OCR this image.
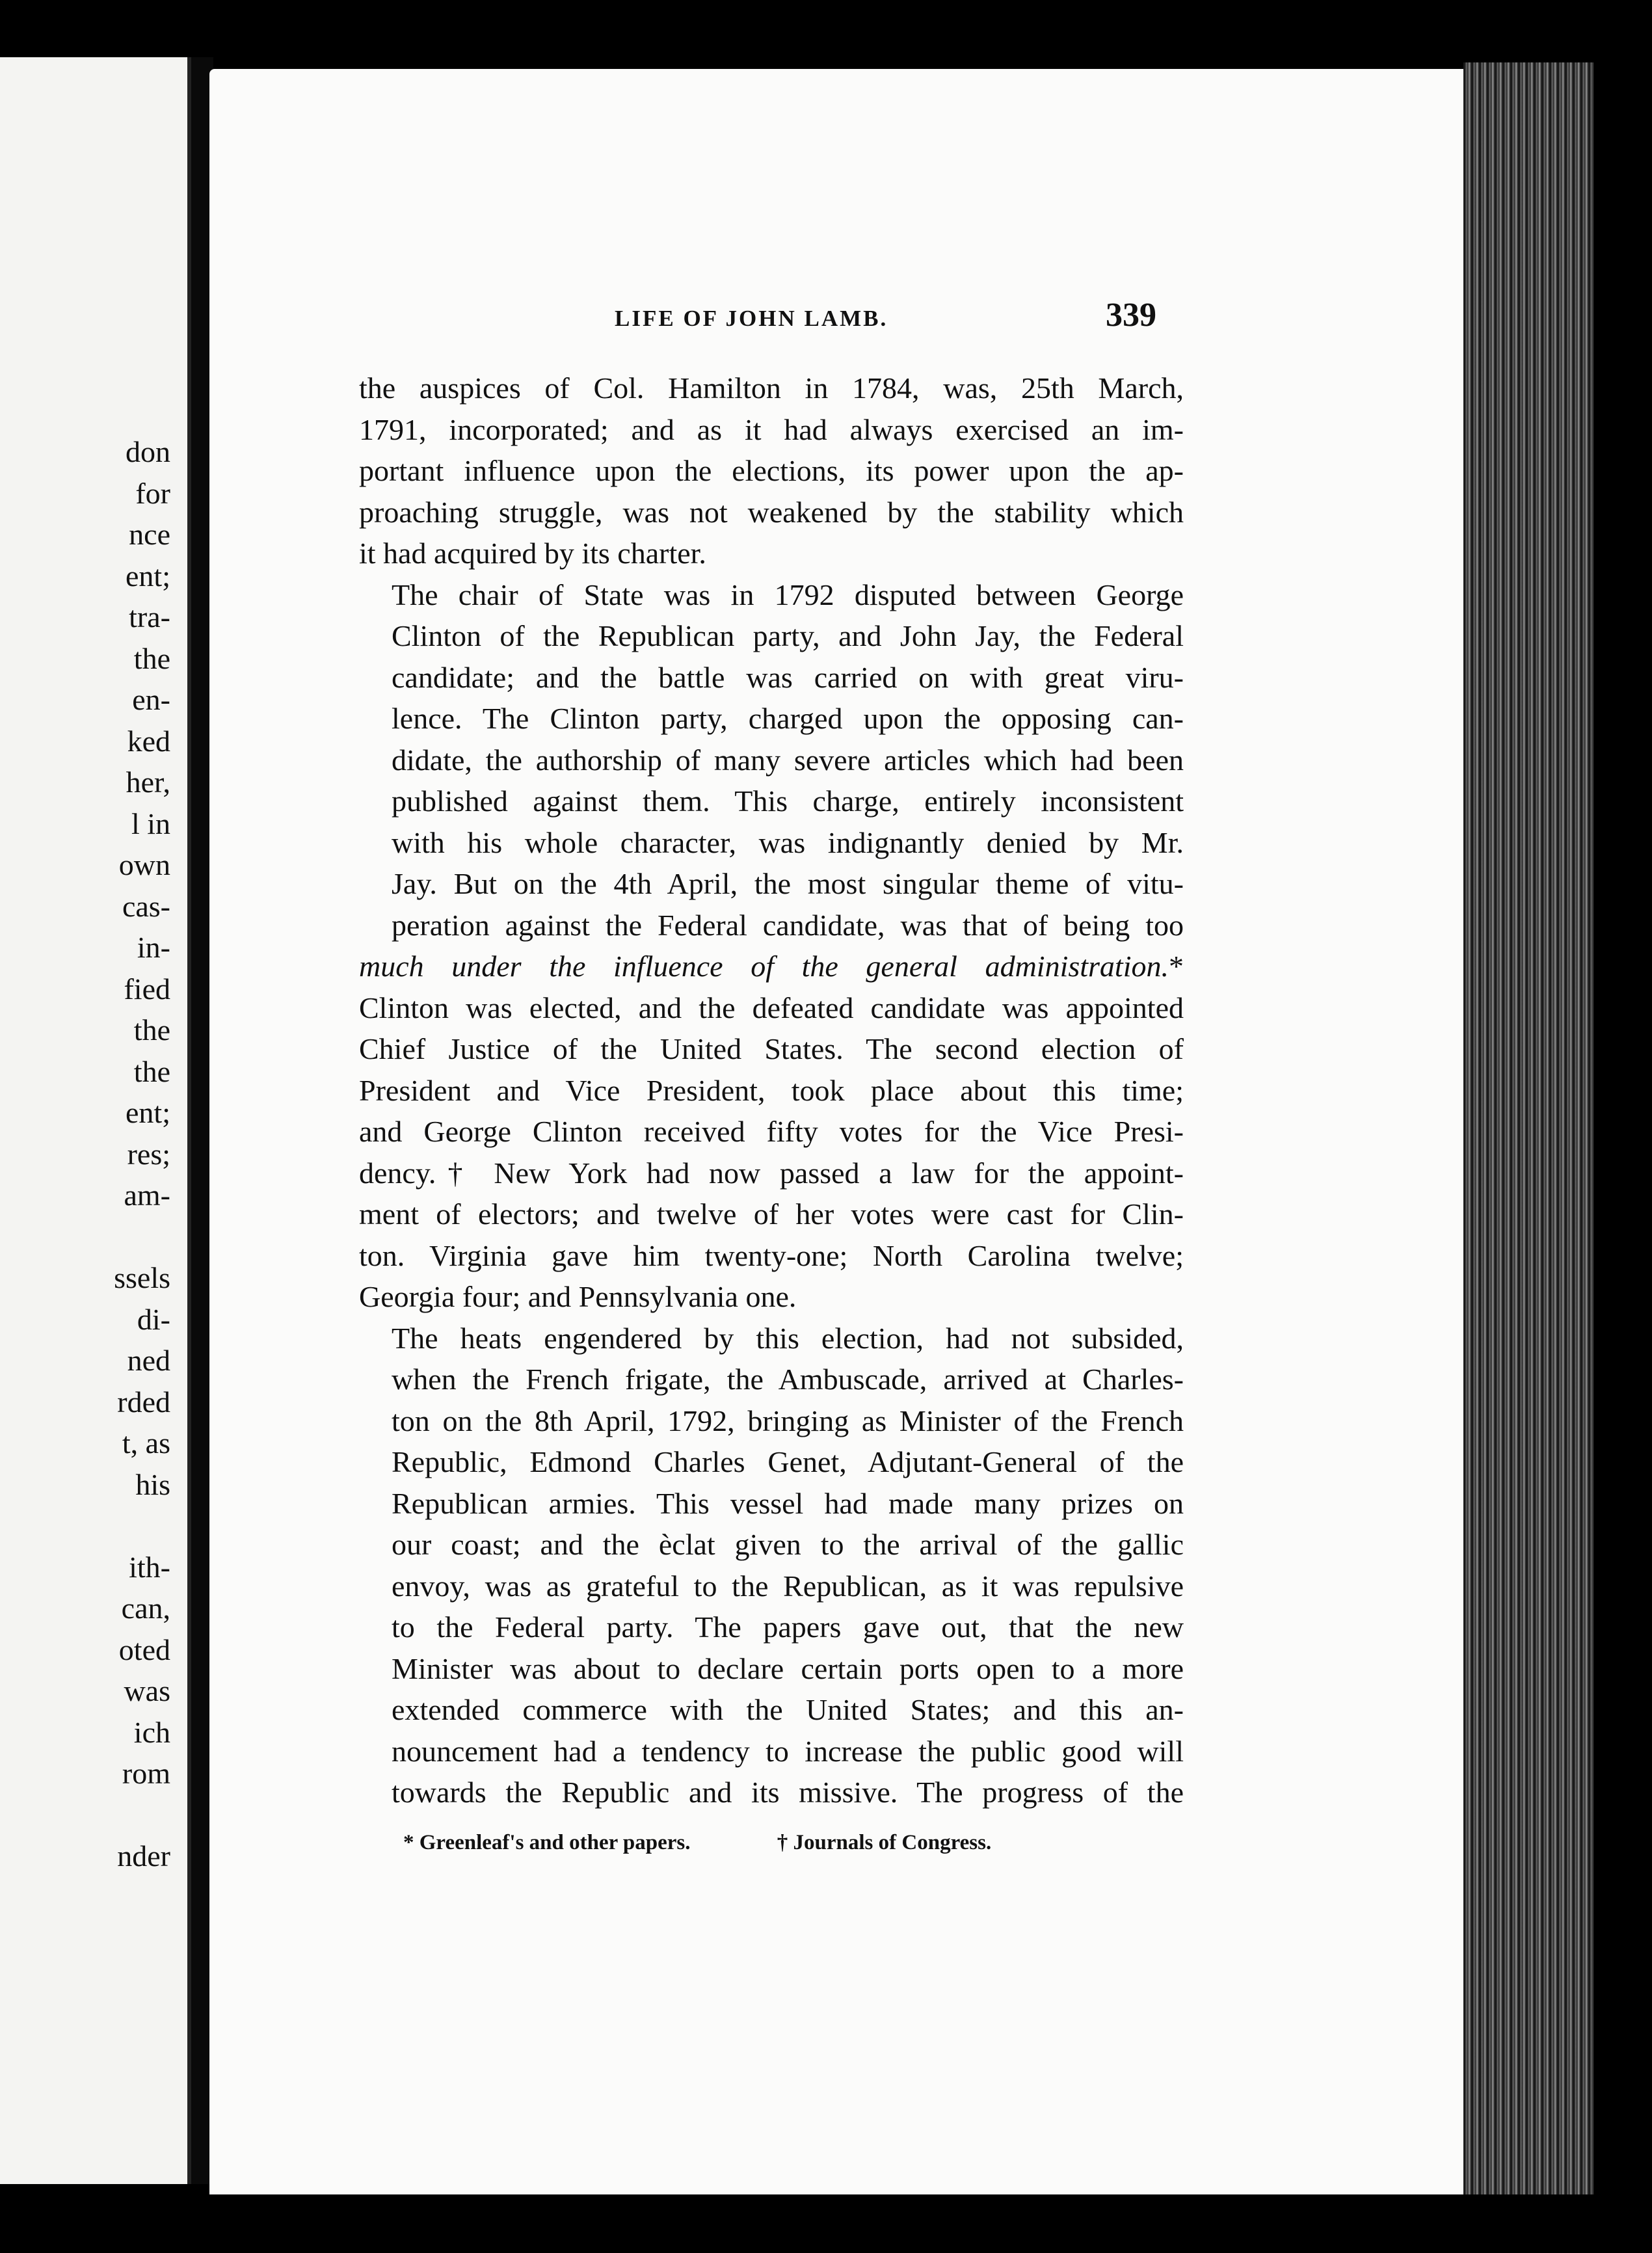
don
for
nce
ent;
tra-
the
en-
ked
her,
l in
own
cas-
in-
fied
the
the
ent;
res;
am-

ssels
di-
ned
rded
t, as
his

ith-
can,
oted
was
ich
rom

nder
LIFE OF JOHN LAMB.	339

the auspices of Col. Hamilton in 1784, was, 25th March,
1791, incorporated; and as it had always exercised an im-
portant influence upon the elections, its power upon the ap-
proaching struggle, was not weakened by the stability which
it had acquired by its charter.

The chair of State was in 1792 disputed between George
Clinton of the Republican party, and John Jay, the Federal
candidate; and the battle was carried on with great viru-
lence. The Clinton party, charged upon the opposing can-
didate, the authorship of many severe articles which had been
published against them. This charge, entirely inconsistent
with his whole character, was indignantly denied by Mr.
Jay. But on the 4th April, the most singular theme of vitu-
peration against the Federal candidate, was that of being too

much under the influence of the general administration.*

Clinton was elected, and the defeated candidate was appointed
Chief Justice of the United States. The second election of
President and Vice President, took place about this time;
and George Clinton received fifty votes for the Vice Presi-
dency.† New York had now passed a law for the appoint-
ment of electors; and twelve of her votes were cast for Clin-
ton. Virginia gave him twenty-one; North Carolina twelve;
Georgia four; and Pennsylvania one.

The heats engendered by this election, had not subsided,
when the French frigate, the Ambuscade, arrived at Charles-
ton on the 8th April, 1792, bringing as Minister of the French
Republic, Edmond Charles Genet, Adjutant-General of the
Republican armies. This vessel had made many prizes on
our coast; and the èclat given to the arrival of the gallic
envoy, was as grateful to the Republican, as it was repulsive
to the Federal party. The papers gave out, that the new
Minister was about to declare certain ports open to a more
extended commerce with the United States; and this an-
nouncement had a tendency to increase the public good will
towards the Republic and its missive. The progress of the

* Greenleaf's and other papers.	† Journals of Congress.
